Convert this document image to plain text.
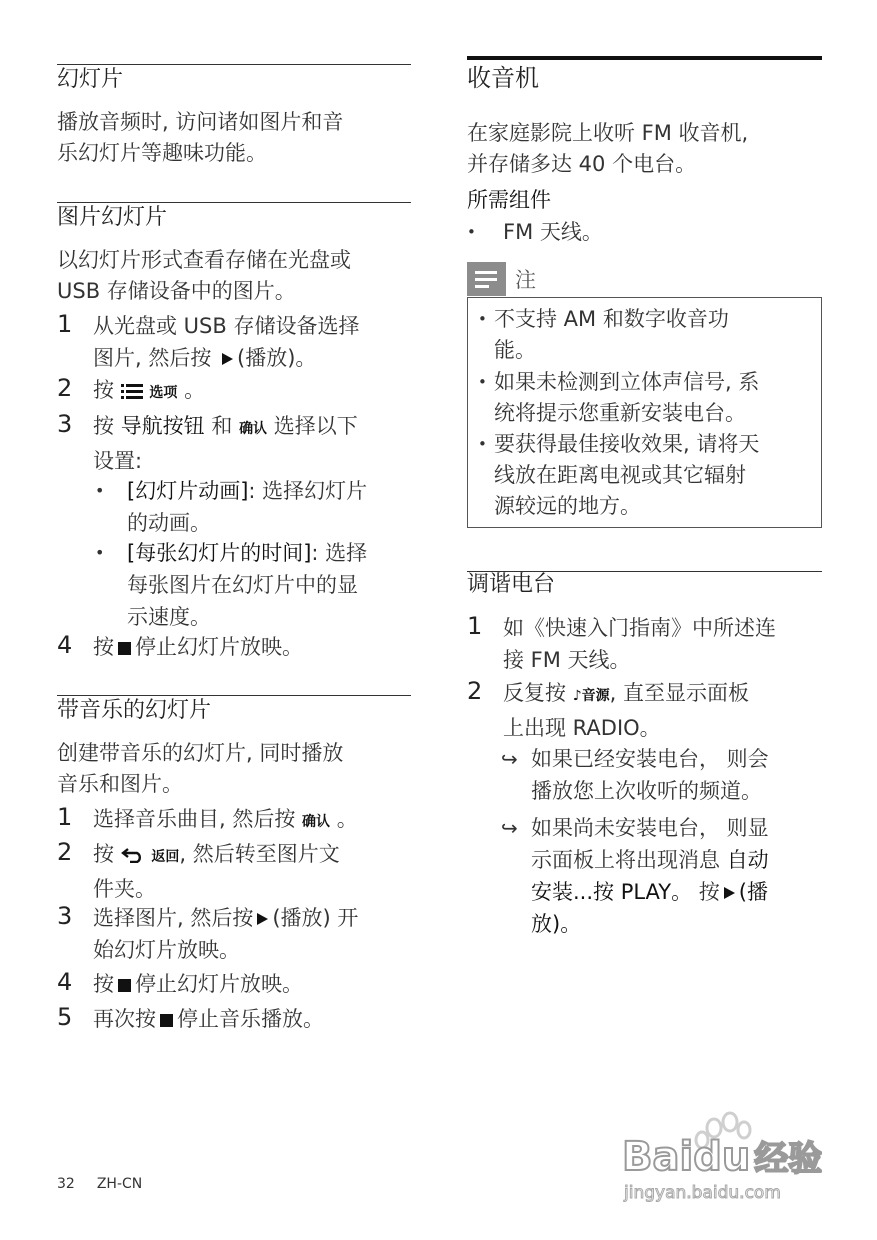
幻灯片
播放音频时, 访问诸如图片和音
乐幻灯片等趣味功能。
图片幻灯片
以幻灯片形式查看存储在光盘或
USB 存储设备中的图片。
1 从光盘或 USB 存储设备选择
图片, 然后按 (播放)。
2 按	选项 。
3 按 导航按钮 和 确认 选择以下
设置:
• [幻灯片动画]: 选择幻灯片
的动画。
• [每张幻灯片的时间]: 选择
每张图片在幻灯片中的显
示速度。
4 按 停止幻灯片放映。
带音乐的幻灯片
创建带音乐的幻灯片, 同时播放
音乐和图片。
1 选择音乐曲目, 然后按 确认 。
2 按	返回, 然后转至图片文
件夹。
3 选择图片, 然后按 (播放) 开
始幻灯片放映。
4 按 停止幻灯片放映。
5 再次按 停止音乐播放。
收音机
在家庭影院上收听 FM 收音机,
并存储多达 40 个电台。
所需组件
• FM 天线。
注
• 不支持 AM 和数字收音功
能。
• 如果未检测到立体声信号, 系
统将提示您重新安装电台。
• 要获得最佳接收效果, 请将天
线放在距离电视或其它辐射
源较远的地方。
调谐电台
1 如《快速入门指南》中所述连
接 FM 天线。
2 反复按 ♪音源, 直至显示面板
上出现 RADIO。
↪ 如果已经安装电台， 则会
播放您上次收听的频道。
↪ 如果尚未安装电台， 则显
示面板上将出现消息 自动
安装...按 PLAY。 按 (播
放)。
32 ZH-CN
Baidu 经验
jingyan.baidu.com
